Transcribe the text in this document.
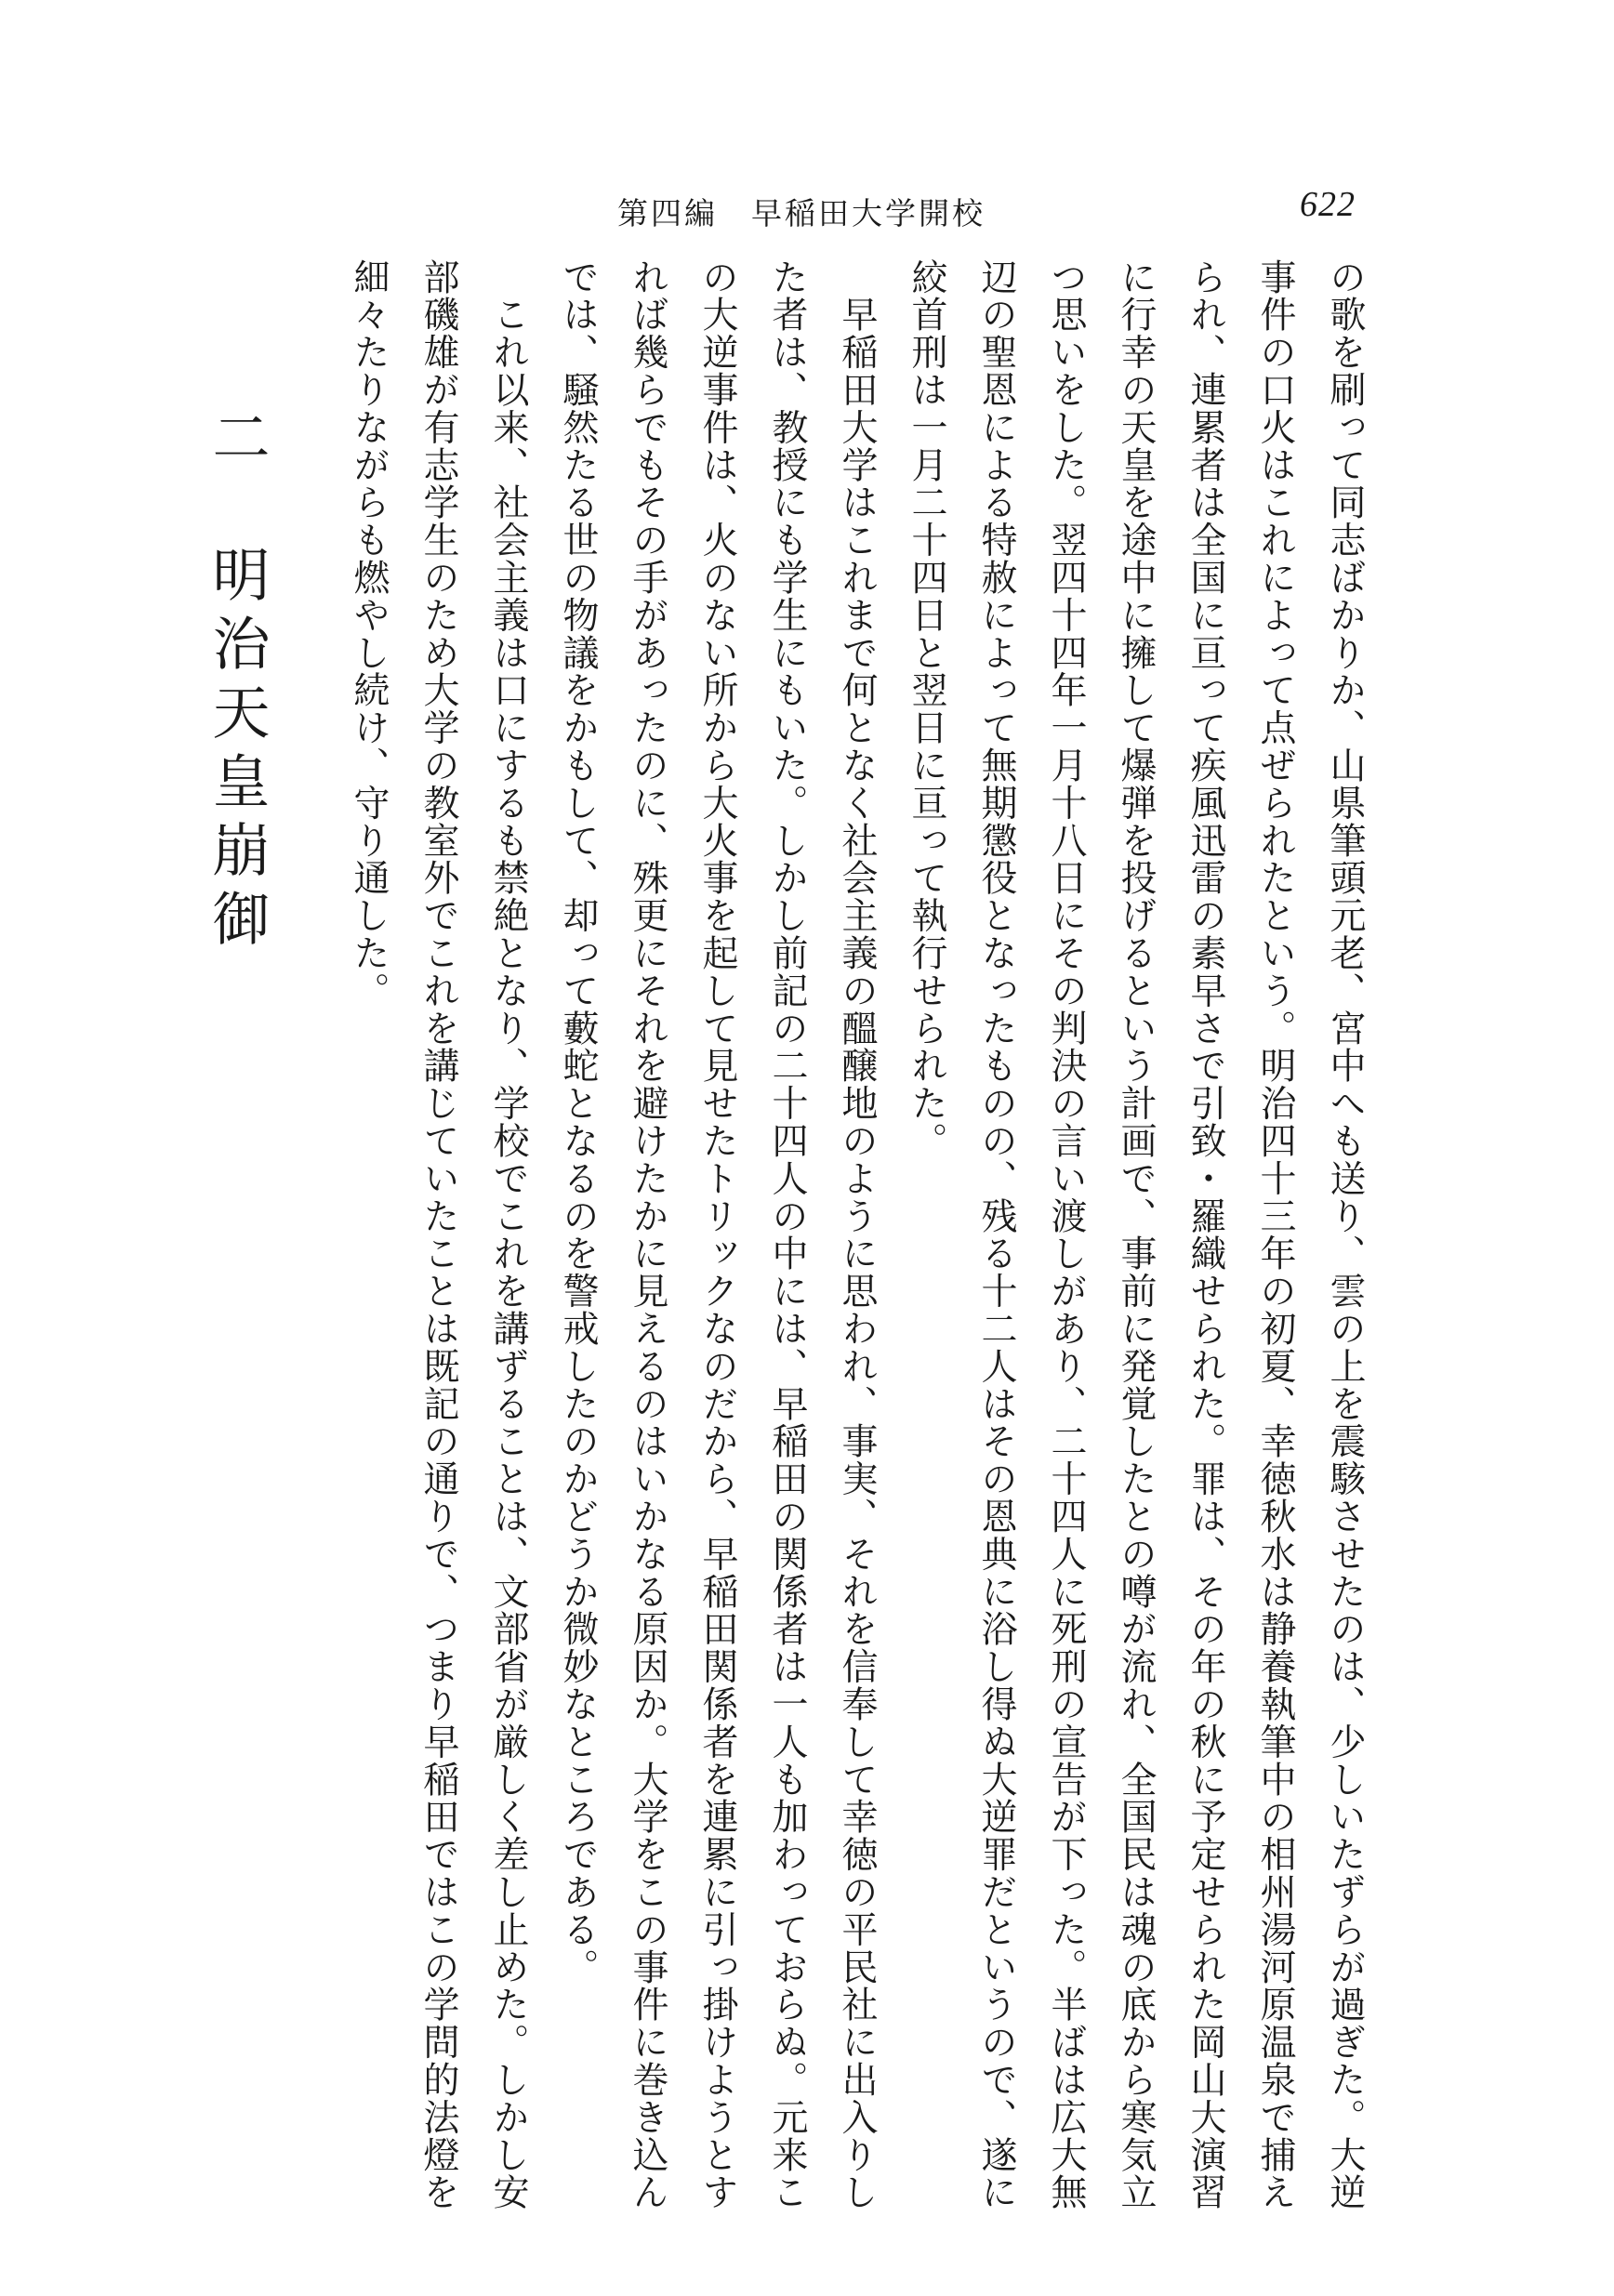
第四編　早稲田大学開校	622

の歌を刷って同志ばかりか、山県筆頭元老、宮中へも送り、雲の上を震駭させたのは、少しいたずらが過ぎた。大逆

事件の口火はこれによって点ぜられたという。明治四十三年の初夏、幸徳秋水は静養執筆中の相州湯河原温泉で捕え

られ、連累者は全国に亘って疾風迅雷の素早さで引致・羅織せられた。罪は、その年の秋に予定せられた岡山大演習

に行幸の天皇を途中に擁して爆弾を投げるという計画で、事前に発覚したとの噂が流れ、全国民は魂の底から寒気立

つ思いをした。翌四十四年一月十八日にその判決の言い渡しがあり、二十四人に死刑の宣告が下った。半ばは広大無

辺の聖恩による特赦によって無期懲役となったものの、残る十二人はその恩典に浴し得ぬ大逆罪だというので、遂に

絞首刑は一月二十四日と翌日に亘って執行せられた。

　早稲田大学はこれまで何となく社会主義の醞醸地のように思われ、事実、それを信奉して幸徳の平民社に出入りし

た者は、教授にも学生にもいた。しかし前記の二十四人の中には、早稲田の関係者は一人も加わっておらぬ。元来こ

の大逆事件は、火のない所から大火事を起して見せたトリックなのだから、早稲田関係者を連累に引っ掛けようとす

れば幾らでもその手があったのに、殊更にそれを避けたかに見えるのはいかなる原因か。大学をこの事件に巻き込ん

では、騒然たる世の物議をかもして、却って藪蛇となるのを警戒したのかどうか微妙なところである。

　これ以来、社会主義は口にするも禁絶となり、学校でこれを講ずることは、文部省が厳しく差し止めた。しかし安

部磯雄が有志学生のため大学の教室外でこれを講じていたことは既記の通りで、つまり早稲田ではこの学問的法燈を

細々たりながらも燃やし続け、守り通した。

二　明治天皇崩御
